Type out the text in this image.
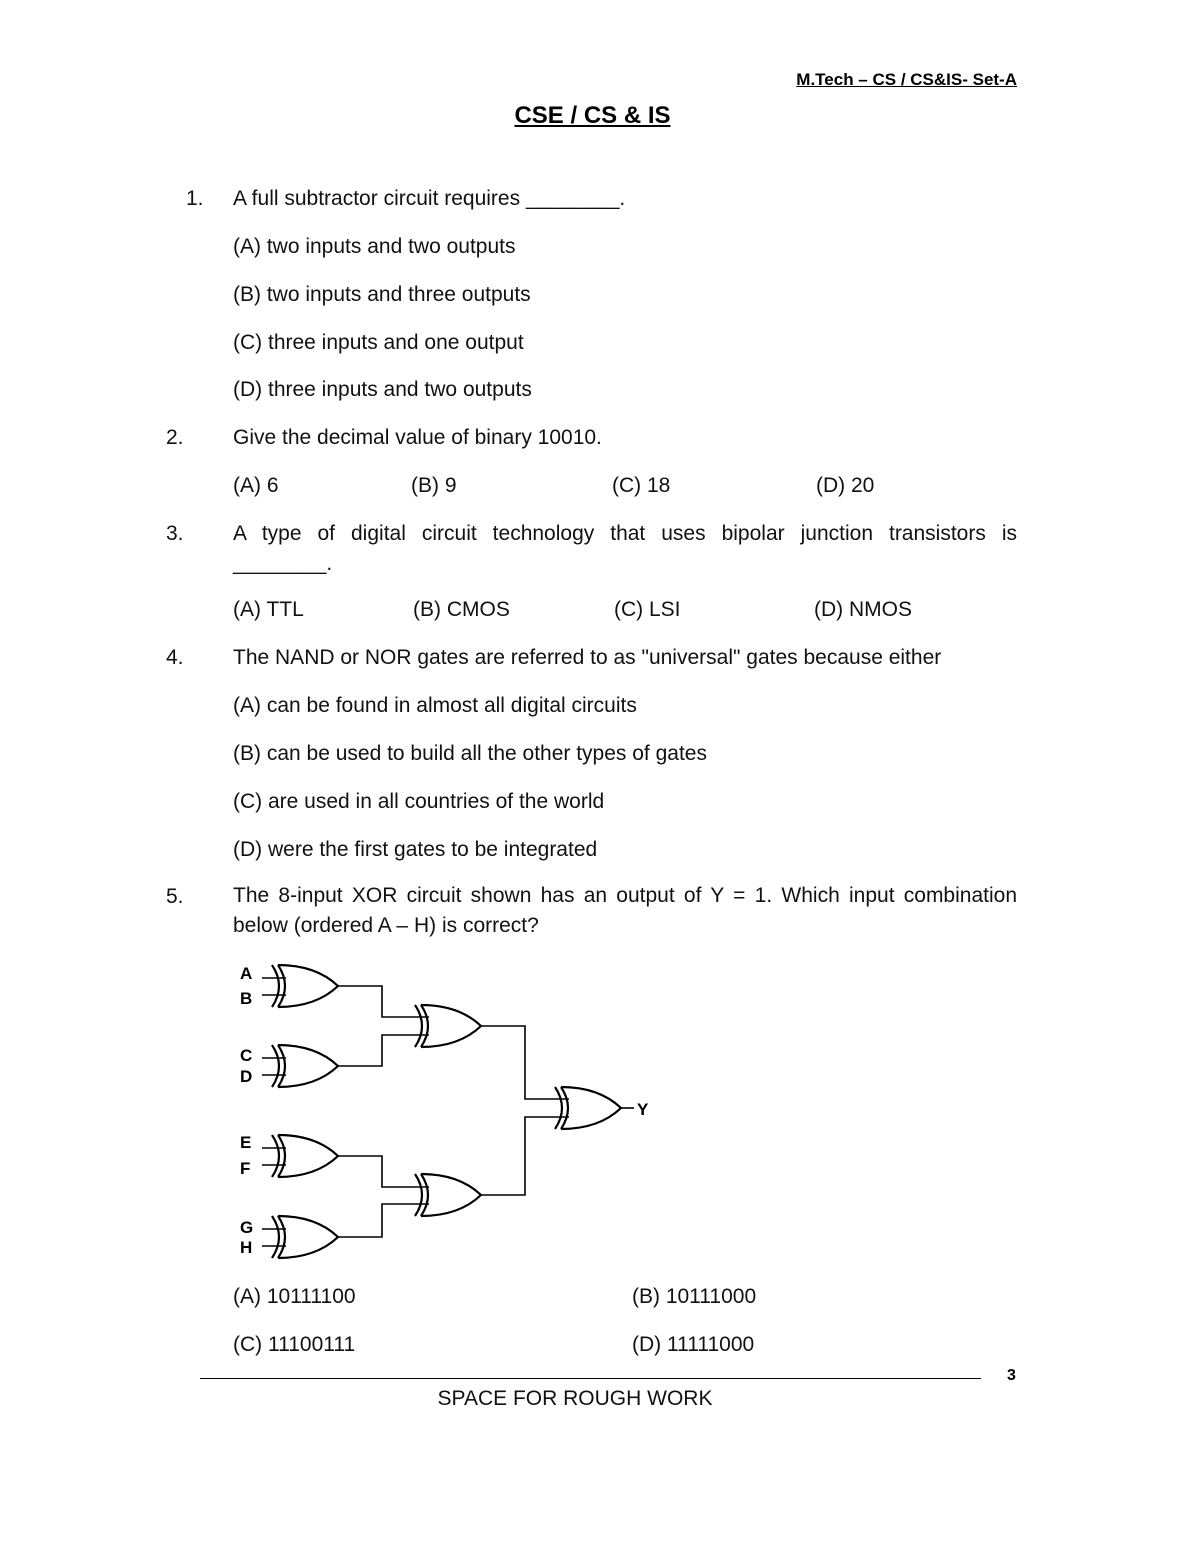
M.Tech – CS / CS&IS- Set-A
CSE / CS & IS
1. A full subtractor circuit requires ________.
(A) two inputs and two outputs
(B) two inputs and three outputs
(C) three inputs and one output
(D) three inputs and two outputs
2. Give the decimal value of binary 10010.
(A) 6	(B) 9	(C) 18	(D) 20
3. A type of digital circuit technology that uses bipolar junction transistors is
________.
(A) TTL	(B) CMOS	(C) LSI	(D) NMOS
4. The NAND or NOR gates are referred to as "universal" gates because either
(A) can be found in almost all digital circuits
(B) can be used to build all the other types of gates
(C) are used in all countries of the world
(D) were the first gates to be integrated
5. The 8-input XOR circuit shown has an output of Y = 1. Which input combination
below (ordered A – H) is correct?
A
B
C
D
E
F
G
H
Y
(A) 10111100	(B) 10111000
(C) 11100111	(D) 11111000
3
SPACE FOR ROUGH WORK
